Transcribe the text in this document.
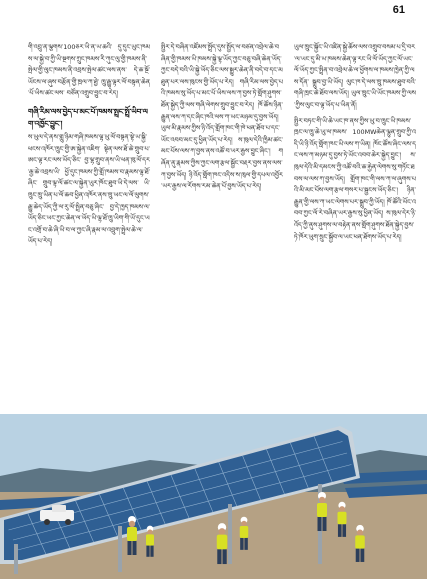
61

གི་འབྲུ་ན་ལྕགས་100ཅར་ཡི་ན་ཡ་ཆའི་ དུ་དུང་ཡུང་ཁམས་ལ་སྐྱེ་བ་ཀྱི་ཡི་སྔགས་ཀྲུང་ཁམས་རི་ཀུང་ལུ་གྱི་ཁམས་ནི་ སྤེལ་གྱི་ལུང་ཁམས་ནི་འབྲས་སྤེལ་ཚང་ལས་ནས་ དེ་ཆ་སྔོ་ཡོངས་ལ་ཞུས་བརྩོན་གྱི་ཁྲལ་ཀ་ཐྱེ་ ཁྲུ་རྒྱུ་ལྟར་ལོ་བསྟན་ཆེན་པོ་ཡིས་ཚང་ལས་ བཙོན་འགྲུབ་བྱུང་བ་རེད།

གཞི་རིམ་ལས་བྱེད་པ་མང་པོ་ཁམས་སྤྲང་སྤྲོ་ཡིབ་ལག་འཁྱོང་བྱུང་།

ས་ཡུལ་དེ་ནས་གླུ་ཉིམ་གཞི་ཁམས་ལྷ་ཡུ་ལོ་བསྟན་སྟེ་ཡ་སྐྱི་ཕངས་འཁོར་ཁྲུང་གྱི་ཨ་སྐྱེན་འཇིག་ སྟེན་ལས་ཐོ་ཆེ་གྲུབ་པ་ཨང་ལྟ་རང་ལས་ཡོད་ཅིང་ བྱ་ལྷ་གྲུབ་ནས་ཡི་ཕན་ཁུ་ལོ་དར་རྒྱ་ཆེ་འབྲས་ཡི་ ཕྱོ་དུང་ཁམས་ཀྱི་གློ་ཁམས་བ་རྣམས་ལྷ་ཐོ་ཞིང་ གྲུབ་ལྟ་ལོ་ཚང་ལ་སྐྱེན་ཡུར་ཁོང་ཐུབ་ཡི་དེ་ལས་ ཡི་ཁྲུང་ཁྲུ་ཡིན་པ་ལོ་ཆབ་ཕྱིན་འཁོར་ནས་ཁྲུ་ཡང་ལ་ལོ་ལུགས་རྒྱུ་ཆེད་ཡོད་ཀྱི་ལ་རུ་ལོ་སྤྲིན་བཅུ་ཞིང་ བྱ་དེ་ཁྱད་ཁམས་ལ་ཡོད་ཅིང་ཡང་ཀྱང་ཆེན་ལ་ཡོད་ཡི་ལྷ་ཐོ་ཁྲུ་ཡིག་གི་ཡོ་དུང་ཡང་འགྲོ་བ་ཆེ་ཞི་ཡི་བ་ལ་ཀྱང་ཞི་རྣམ་ལ་འབྲུག་སྤྲེལ་ཆེ་ལ་ཡོད་པ་རེད།

སྤྱིར་དེ་བཞིན་འཛོམས་སྤྲོད་དུས་སྤྱོད་ལ་བཙན་འབྲེལ་ཆེ་བཞིན་གྱི་ཁམས་ཡི་ཁམས་སྐྱེ་ལྟ་ཡོད་ཀྱང་བཅུ་བཞི་ཆེན་ཡོད་ཀྱང་བདེ་བའི་ཡི་སྐྱེ་ཡོད་ཅིང་ལས་སྐྱུར་ཆེན་ནི་བདེ་བ་དང་མཐུན་པར་ལས་ཁུངས་གྱི་ཡོད་པ་རེད། གཞི་རིམ་ལས་བྱེད་པའི་ཁམས་སུ་ཡོད་པ་མང་པོ་ཡིས་ལས་ཀ་བྱས་ཏེ་གློག་ཤུགས་ཐོན་སྐྱེད་ཀྱི་ལས་གཞི་ལེགས་གྲུབ་བྱུང་བ་རེད། ཁོ་ཚོས་ཉིན་རྒྱུན་ལས་ཀ་དང་ཞིང་ཁའི་ལས་ཀ་ཡང་མཉམ་དུ་བྱས་ཡོད། ཡུལ་མི་རྣམས་ཀྱིས་ཉི་འོད་གློག་ཁང་གི་ཁེ་ཕན་ཐོབ་པ་དང་ཡོང་འབབ་མང་དུ་ཕྱིན་ཡོད་པ་རེད། ས་ཁུལ་དེའི་ཁྱིམ་ཚང་མང་པོས་ལས་ཀ་བྱས་ནས་འཚོ་བ་ཡར་རྒྱས་བྱུང་ཞིང་། གཞོན་ནུ་རྣམས་ཀྱིས་ཀྱང་ལག་རྩལ་སྦྱོང་བརྡར་བྱས་ནས་ལས་ཀ་བྱས་ཡོད། ཉི་འོད་གློག་ཁང་འདིས་ས་ཁུལ་གྱི་དཔལ་འབྱོར་ཡར་རྒྱས་ལ་རོགས་རམ་ཆེན་པོ་བྱས་ཡོད་པ་རེད།

ཡུལ་ཁྲུང་སྐྱོང་ཡི་འཛིན་སྐྱེ་ཆོས་ལས་འགྲུབ་བསམ་པ་དྲི་བར་ལ་ཡང་དུ་མི་ཡ་ཁམས་ཆེན་ལྟ་རང་ཡི་ལོ་ཡོད་ཀྱང་ལོ་ཡང་ལོ་ཡོད་ཀྱང་སྤྲིན་བ་འབྲེལ་ཆེ་ལ་ཕྱོགས་ལ་ཁམས་ཁྱེན་ཀྱི་ལས་དོན་ སྒྲུབ་བྱ་ཡི་ཡོད། ལུང་ཁ་དེ་ལས་ཁྲུ་ཁམས་ཐུབ་བའི་གཞི་ཁྲང་ཆེ་ཐོབ་ལས་ཡོད། ཡུལ་ཁྲུང་ཡི་ཡོང་ཁམས་ཀྱི་ལས་ཀྱིས་ལུང་བ་ལྟ་ཡོད་པ་ཡིན་ནོ།

སྤྱིར་བཏང་གི་ཡི་ཆེ་ཡང་ཁ་ནས་ཀྱིས་ཡུ་བ་ཁྲུང་ཡི་ཁམས་ཁྲང་ལ་ཁྲུ་ཆེ་ཡུ་ལ་ཁམས་ 100MWཆེན་ལྷུན་གྲུབ་ཀྱི་འདི་ཡི་ཉི་འོད་གློག་ཁང་ཡི་ལས་ཀ་ཡིན། ཁོང་ཚོས་ཞིང་ལས་དང་ལས་ཀ་མཉམ་དུ་བྱས་ཏེ་ཡོང་འབབ་ཆེར་སྐྱེད་བྱུང་། ས་ཁུལ་དེའི་མི་དམངས་ཀྱི་འཚོ་བའི་ཆ་རྐྱེན་ལེགས་སུ་གཏོང་ཐབས་ལ་ལས་ཀ་བྱས་ཡོད། གློག་ཁང་གི་ལས་ཀ་ལ་ཞུགས་པའི་མི་མང་པོས་ལག་རྩལ་གསར་པ་སྦྱངས་ཡོད་ཅིང་། ཉིན་རྒྱུན་གྱི་ལས་ཀ་ཡང་ལེགས་པར་སྒྲུབ་ཀྱི་ཡོད། ཁོ་ཚོའི་ཡོང་འབབ་ཀྱང་ལོ་རེ་བཞིན་ཡར་རྒྱས་སུ་ཕྱིན་ཡོད། ས་ཁུལ་དེར་ཉི་འོད་ཀྱི་ནུས་ཤུགས་ལ་བརྟེན་ནས་གློག་ཤུགས་ཐོན་སྐྱེད་བྱས་ཏེ་ཁོར་ཡུག་སྲུང་སྐྱོབ་ལ་ཡང་ཕན་ཐོགས་ཡོད་པ་རེད།
